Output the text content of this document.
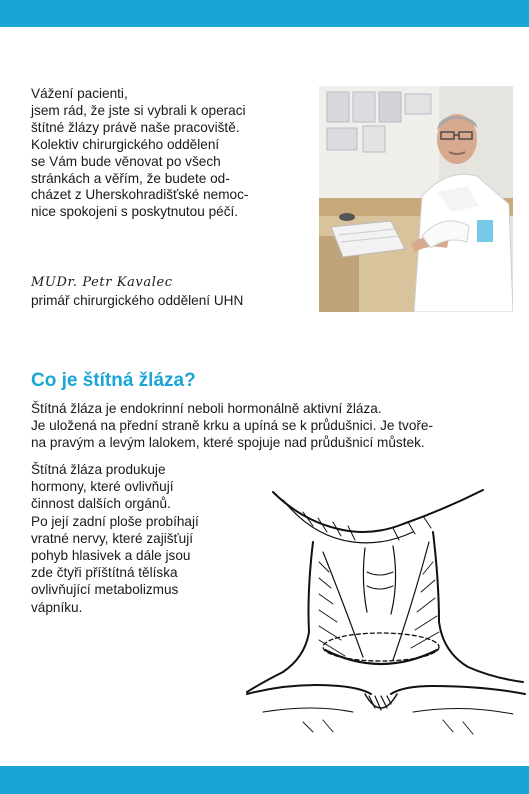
Vážení pacienti,

jsem rád, že jste si vybrali k operaci

štítné žlázy právě naše pracoviště.

Kolektiv chirurgického oddělení

se Vám bude věnovat po všech

stránkách a věřím, že budete od-

cházet z Uherskohradišťské nemoc-

nice spokojeni s poskytnutou péčí.

MUDr. Petr Kavalec
primář chirurgického oddělení UHN
Co je štítná žláza?

Štítná žláza je endokrinní neboli hormonálně aktivní žláza.

Je uložená na přední straně krku a upíná se k průdušnici. Je tvoře-

na pravým a levým lalokem, které spojuje nad průdušnicí můstek.

Štítná žláza produkuje

hormony, které ovlivňují

činnost dalších orgánů.

Po její zadní ploše probíhají

vratné nervy, které zajišťují

pohyb hlasivek a dále jsou

zde čtyři příštítná tělíska

ovlivňující metabolizmus

vápníku.
